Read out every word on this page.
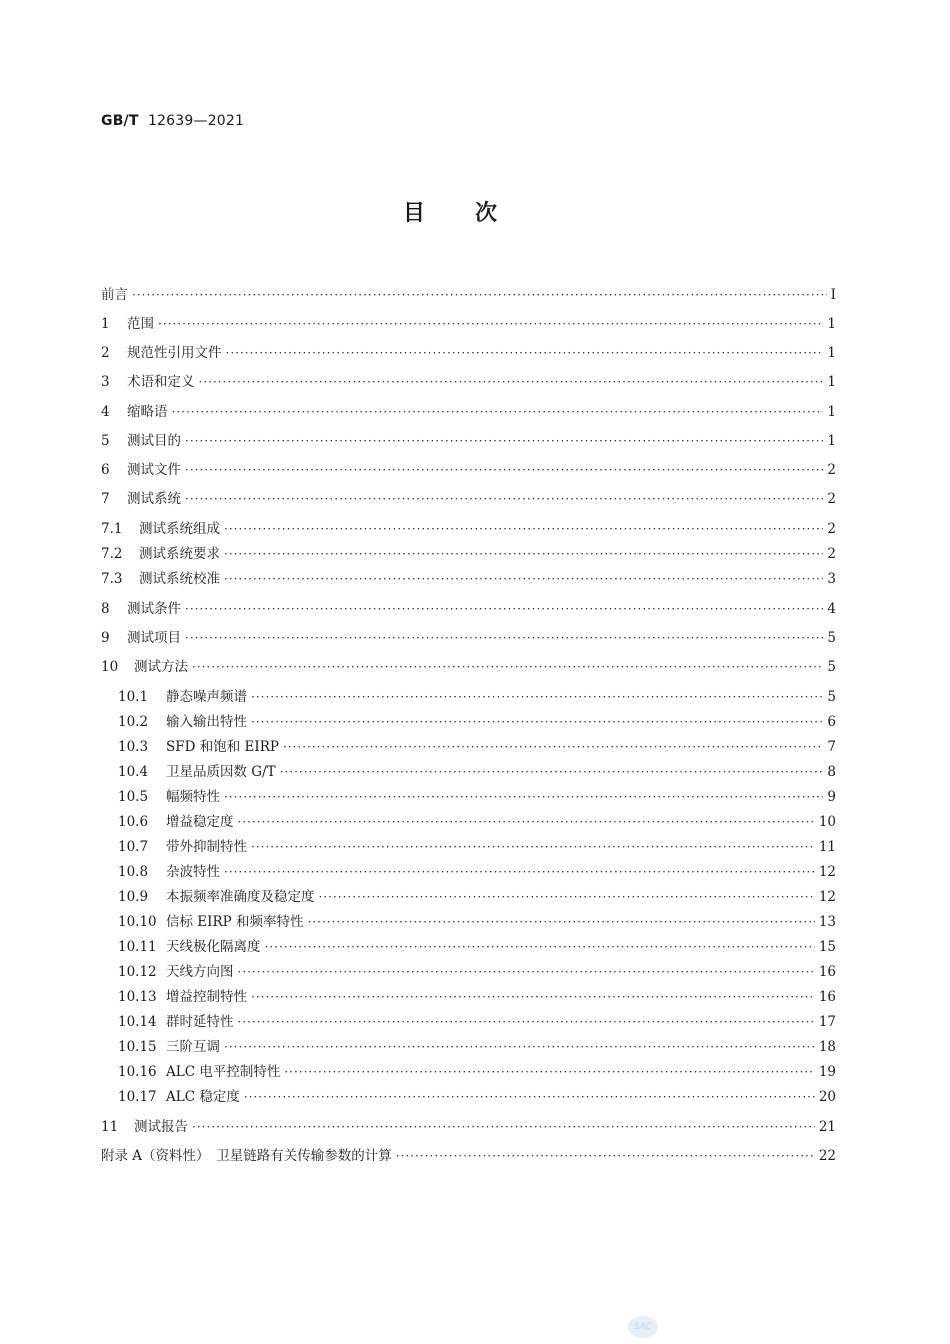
GB/T 12639—2021
目次
前言 ·····	I
1	范围 ·····	1
2	规范性引用文件 ·····	1
3	术语和定义 ·····	1
4	缩略语 ·····	1
5	测试目的 ·····	1
6	测试文件 ·····	2
7	测试系统 ·····	2
7.1	测试系统组成 ·····	2
7.2	测试系统要求 ·····	2
7.3	测试系统校准 ·····	3
8	测试条件 ·····	4
9	测试项目 ·····	5
10	测试方法 ·····	5
10.1	静态噪声频谱 ·····	5
10.2	输入输出特性 ·····	6
10.3	SFD 和饱和 EIRP ·····	7
10.4	卫星品质因数 G/T ·····	8
10.5	幅频特性 ·····	9
10.6	增益稳定度 ·····	10
10.7	带外抑制特性 ·····	11
10.8	杂波特性 ·····	12
10.9	本振频率准确度及稳定度 ·····	12
10.10 信标 EIRP 和频率特性 ·····	13
10.11 天线极化隔离度 ·····	15
10.12 天线方向图 ·····	16
10.13 增益控制特性 ·····	16
10.14 群时延特性 ·····	17
10.15 三阶互调 ·····	18
10.16 ALC 电平控制特性 ·····	19
10.17 ALC 稳定度 ·····	20
11	测试报告 ·····	21
附录 A （资料性）　卫星链路有关传输参数的计算 ·····	22
SAC
